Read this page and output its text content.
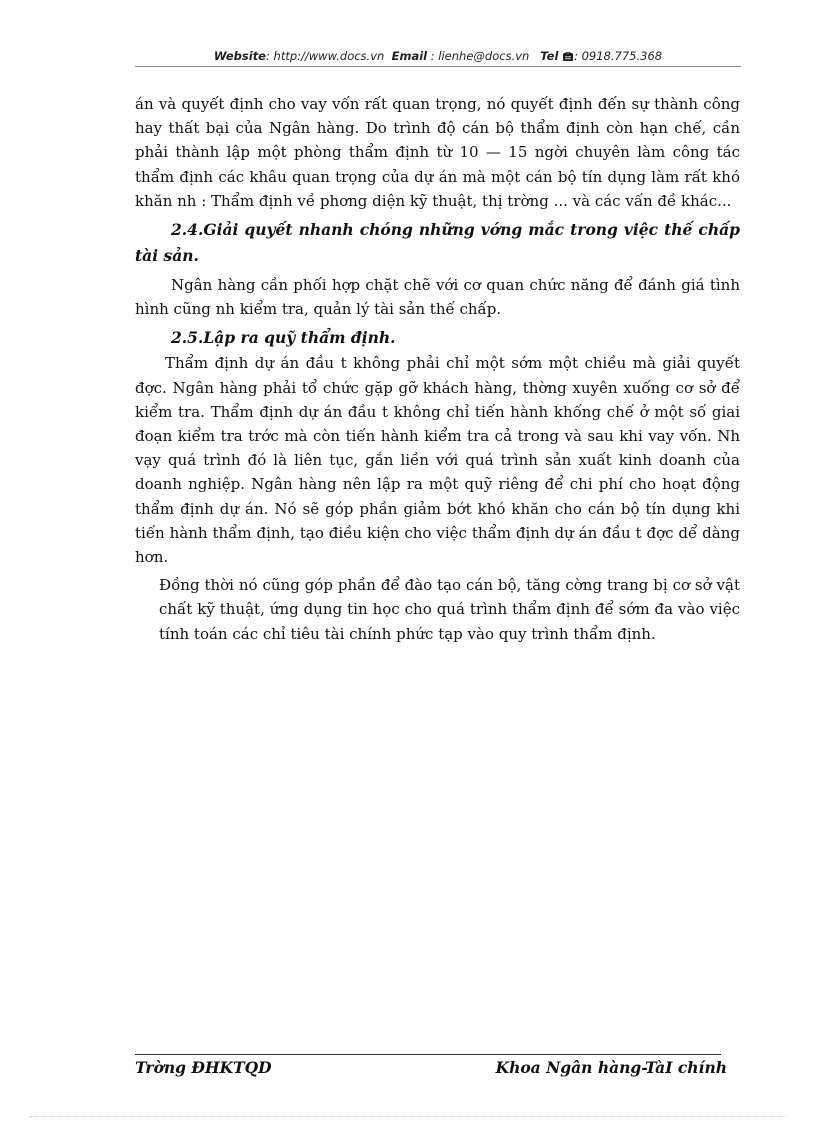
Website: http://www.docs.vn Email : lienhe@docs.vn Tel : 0918.775.368

án và quyết định cho vay vốn rất quan trọng, nó quyết định đến sự thành công hay thất bại của Ngân hàng. Do trình độ cán bộ thẩm định còn hạn chế, cần phải thành lập một phòng thẩm định từ 10 — 15 ngời chuyên làm công tác thẩm định các khâu quan trọng của dự án mà một cán bộ tín dụng làm rất khó khăn nh : Thẩm định về phơng diện kỹ thuật, thị trờng ... và các vấn đề khác...

2.4.Giải quyết nhanh chóng những vớng mắc trong việc thế chấp tài sản.

Ngân hàng cần phối hợp chặt chẽ với cơ quan chức năng để đánh giá tình hình cũng nh kiểm tra, quản lý tài sản thế chấp.

2.5.Lập ra quỹ thẩm định.

Thẩm định dự án đầu t không phải chỉ một sớm một chiều mà giải quyết đợc. Ngân hàng phải tổ chức gặp gỡ khách hàng, thờng xuyên xuống cơ sở để kiểm tra. Thẩm định dự án đầu t không chỉ tiến hành khống chế ở một số giai đoạn kiểm tra trớc mà còn tiến hành kiểm tra cả trong và sau khi vay vốn. Nh vạy quá trình đó là liên tục, gắn liền với quá trình sản xuất kinh doanh của doanh nghiệp. Ngân hàng nên lập ra một quỹ riêng để chi phí cho hoạt động thẩm định dự án. Nó sẽ góp phần giảm bớt khó khăn cho cán bộ tín dụng khi tiến hành thẩm định, tạo điều kiện cho việc thẩm định dự án đầu t đợc dể dàng hơn.

Đồng thời nó cũng góp phần để đào tạo cán bộ, tăng cờng trang bị cơ sở vật chất kỹ thuật, ứng dụng tin học cho quá trình thẩm định để sớm đa vào việc tính toán các chỉ tiêu tài chính phức tạp vào quy trình thẩm định.

Trờng ĐHKTQD	Khoa Ngân hàng-TàI chính
